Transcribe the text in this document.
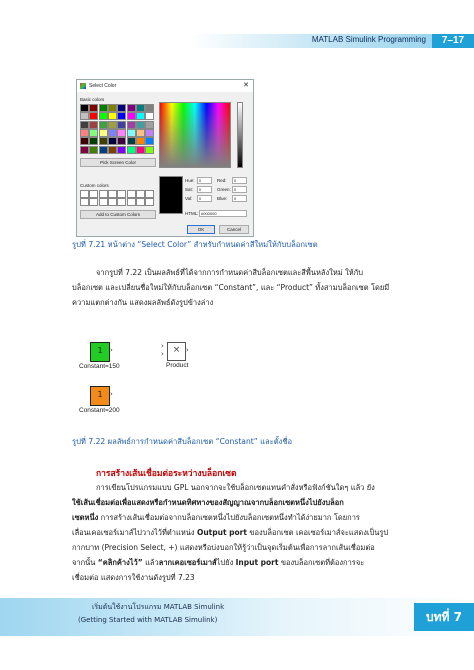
MATLAB Simulink Programming	7–17
Select Color	✕
Basic colors
Pick Screen Color
Custom colors
Add to Custom Colors
Hue:	0
Sat:	0
Val:	0
Red:	0
Green: 0
Blue:	0
HTML: #000000
OK	Cancel
รูปที่ 7.21 หน้าต่าง “Select Color” สำหรับกำหนดค่าสีใหม่ให้กับบล็อกเซต
จากรูปที่ 7.22 เป็นผลลัพธ์ที่ได้จากการกำหนดค่าสีบล็อกเซตและสีพื้นหลังใหม่ ให้กับ
บล็อกเซต และเปลี่ยนชื่อใหม่ให้กับบล็อกเซต “Constant”, และ “Product” ทั้งสามบล็อกเซต โดยมี
ความแตกต่างกัน แสดงผลลัพธ์ดังรูปข้างล่าง
1	›
Constant=150
×
›
›	›
Product
1	›
Constant=200
รูปที่ 7.22 ผลลัพธ์การกำหนดค่าสีบล็อกเซต “Constant” และตั้งชื่อ
การสร้างเส้นเชื่อมต่อระหว่างบล็อกเซต
การเขียนโปรแกรมแบบ GPL นอกจากจะใช้บล็อกเซตแทนคำสั่งหรือฟังก์ชันใดๆ แล้ว ยัง
ใช้เส้นเชื่อมต่อเพื่อแสดงหรือกำหนดทิศทางของสัญญาณจากบล็อกเซตหนึ่งไปยังบล็อก
เซตหนึ่ง การสร้างเส้นเชื่อมต่อจากบล็อกเซตหนึ่งไปยังบล็อกเซตหนึ่งทำได้ง่ายมาก โดยการ
เลื่อนเคอเซอร์เมาส์ไปวางไว้ที่ตำแหน่ง Output port ของบล็อกเซต เคอเซอร์เมาส์จะแสดงเป็นรูป
กากบาท (Precision Select, +) แสดงหรือบ่งบอกให้รู้ว่าเป็นจุดเริ่มต้นเพื่อการลากเส้นเชื่อมต่อ
จากนั้น “คลิกค้างไว้” แล้วลากเคอเซอร์เมาส์ไปยัง Input port ของบล็อกเซตที่ต้องการจะ
เชื่อมต่อ แสดงการใช้งานดังรูปที่ 7.23
เริ่มต้นใช้งานโปรแกรม MATLAB Simulink
(Getting Started with MATLAB Simulink)	บทที่ 7
